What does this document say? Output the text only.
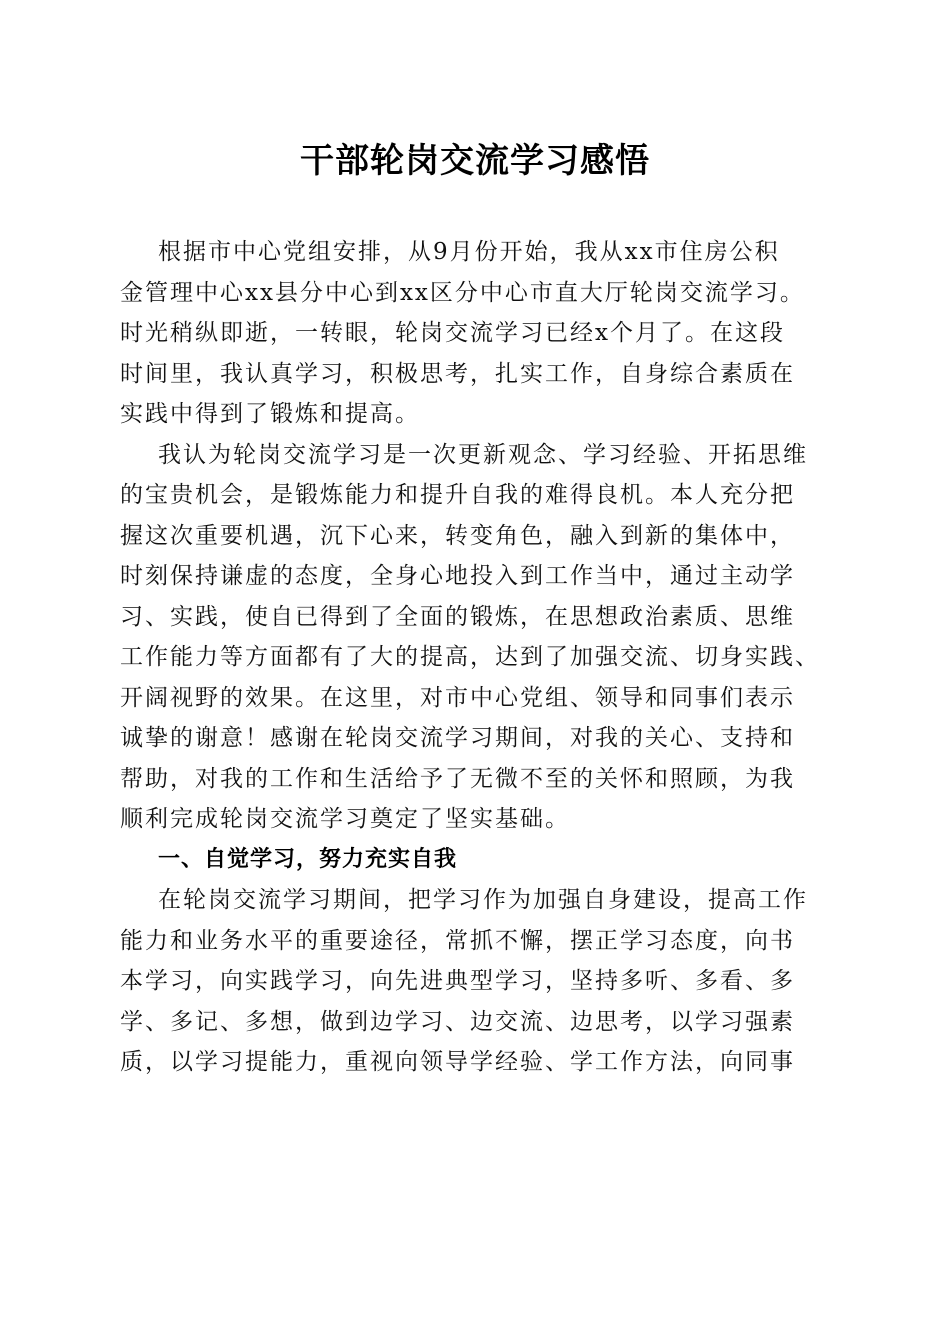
干部轮岗交流学习感悟
根据市中心党组安排，从9月份开始，我从xx市住房公积
金管理中心xx县分中心到xx区分中心市直大厅轮岗交流学习。
时光稍纵即逝，一转眼，轮岗交流学习已经x个月了。在这段
时间里，我认真学习，积极思考，扎实工作，自身综合素质在
实践中得到了锻炼和提高。
我认为轮岗交流学习是一次更新观念、学习经验、开拓思维
的宝贵机会，是锻炼能力和提升自我的难得良机。本人充分把
握这次重要机遇，沉下心来，转变角色，融入到新的集体中，
时刻保持谦虚的态度，全身心地投入到工作当中，通过主动学
习、实践，使自已得到了全面的锻炼，在思想政治素质、思维
工作能力等方面都有了大的提高，达到了加强交流、切身实践、
开阔视野的效果。在这里，对市中心党组、领导和同事们表示
诚挚的谢意！感谢在轮岗交流学习期间，对我的关心、支持和
帮助，对我的工作和生活给予了无微不至的关怀和照顾，为我
顺利完成轮岗交流学习奠定了坚实基础。
一、自觉学习，努力充实自我
在轮岗交流学习期间，把学习作为加强自身建设，提高工作
能力和业务水平的重要途径，常抓不懈，摆正学习态度，向书
本学习，向实践学习，向先进典型学习，坚持多听、多看、多
学、多记、多想，做到边学习、边交流、边思考，以学习强素
质，以学习提能力，重视向领导学经验、学工作方法，向同事
